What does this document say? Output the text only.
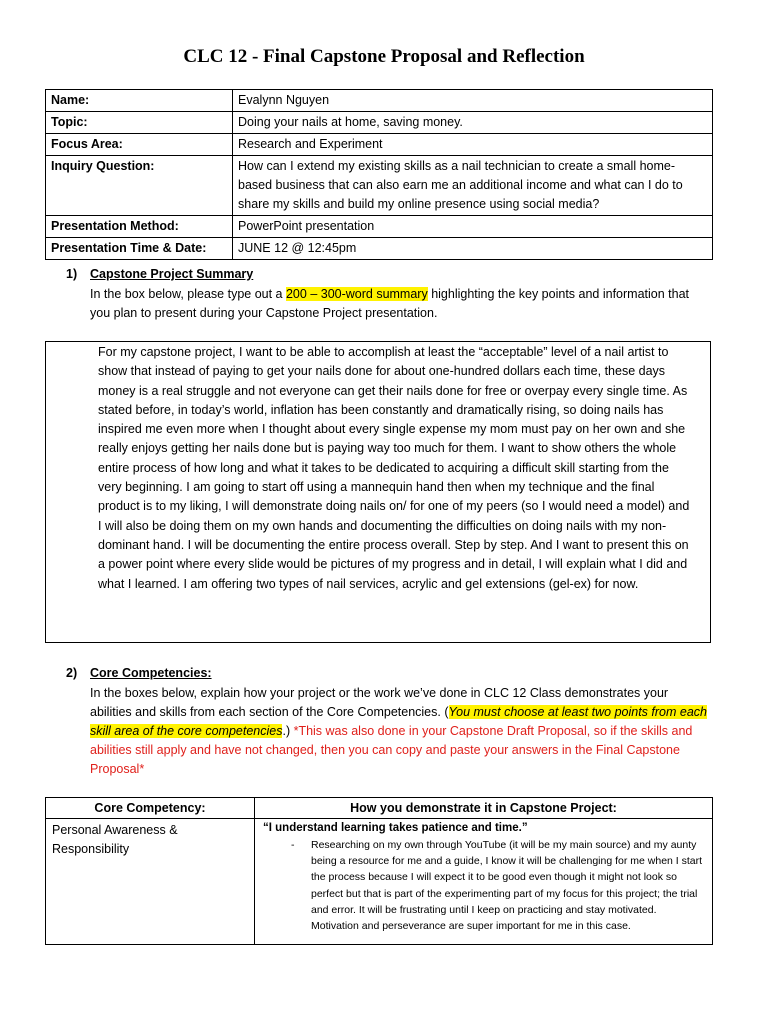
CLC 12 - Final Capstone Proposal and Reflection
Name:	Evalynn Nguyen
Topic:	Doing your nails at home, saving money.
Focus Area:	Research and Experiment
Inquiry Question:	How can I extend my existing skills as a nail technician to create a small home-based business that can also earn me an additional income and what can I do to share my skills and build my online presence using social media?
Presentation Method:	PowerPoint presentation
Presentation Time & Date:	JUNE 12 @ 12:45pm
1) Capstone Project Summary
In the box below, please type out a 200 – 300-word summary highlighting the key points and information that you plan to present during your Capstone Project presentation.

For my capstone project, I want to be able to accomplish at least the “acceptable” level of a nail artist to show that instead of paying to get your nails done for about one-hundred dollars each time, these days money is a real struggle and not everyone can get their nails done for free or overpay every single time. As stated before, in today’s world, inflation has been constantly and dramatically rising, so doing nails has inspired me even more when I thought about every single expense my mom must pay on her own and she really enjoys getting her nails done but is paying way too much for them. I want to show others the whole entire process of how long and what it takes to be dedicated to acquiring a difficult skill starting from the very beginning. I am going to start off using a mannequin hand then when my technique and the final product is to my liking, I will demonstrate doing nails on/ for one of my peers (so I would need a model) and I will also be doing them on my own hands and documenting the difficulties on doing nails with my non-dominant hand. I will be documenting the entire process overall. Step by step. And I want to present this on a power point where every slide would be pictures of my progress and in detail, I will explain what I did and what I learned. I am offering two types of nail services, acrylic and gel extensions (gel-ex) for now.

2) Core Competencies:
In the boxes below, explain how your project or the work we’ve done in CLC 12 Class demonstrates your abilities and skills from each section of the Core Competencies. (You must choose at least two points from each skill area of the core competencies.) *This was also done in your Capstone Draft Proposal, so if the skills and abilities still apply and have not changed, then you can copy and paste your answers in the Final Capstone Proposal*
Core Competency:	How you demonstrate it in Capstone Project:
Personal Awareness & Responsibility	“I understand learning takes patience and time.”
- Researching on my own through YouTube (it will be my main source) and my aunty being a resource for me and a guide, I know it will be challenging for me when I start the process because I will expect it to be good even though it might not look so perfect but that is part of the experimenting part of my focus for this project; the trial and error. It will be frustrating until I keep on practicing and stay motivated. Motivation and perseverance are super important for me in this case.
